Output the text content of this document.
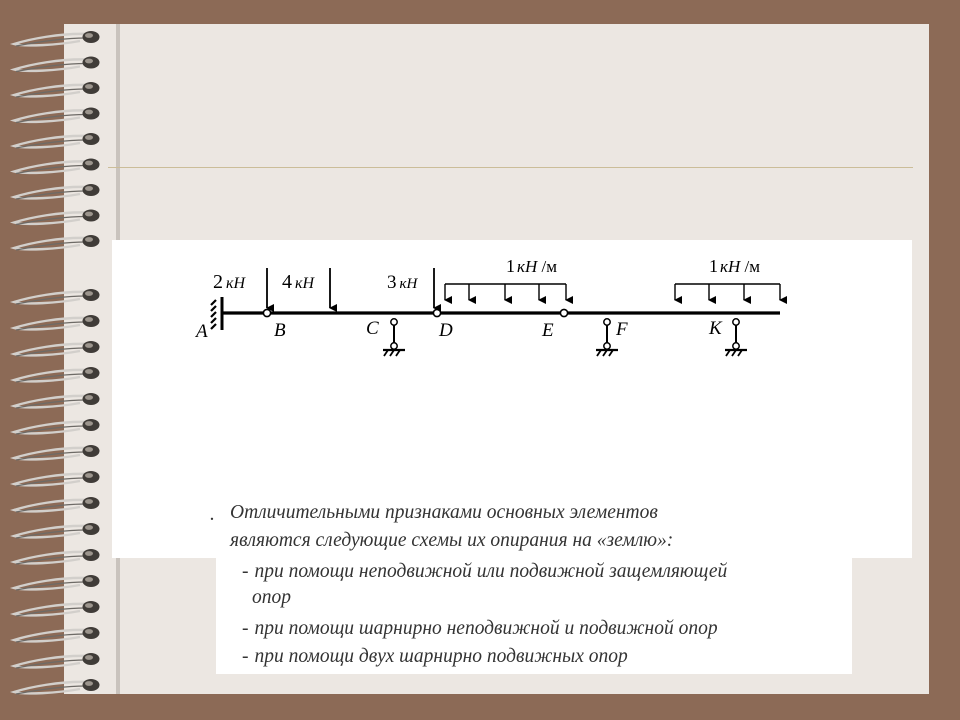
2 кН 4 кН	3 кН
1 кН /м	1 кН /м
A	B	C	D	E	F	K

. Отличительными признаками основных элементов

являются следующие схемы их опирания на «землю»:

- при помощи неподвижной или подвижной защемляющей

опор

- при помощи шарнирно неподвижной и подвижной опор

- при помощи двух шарнирно подвижных опор
